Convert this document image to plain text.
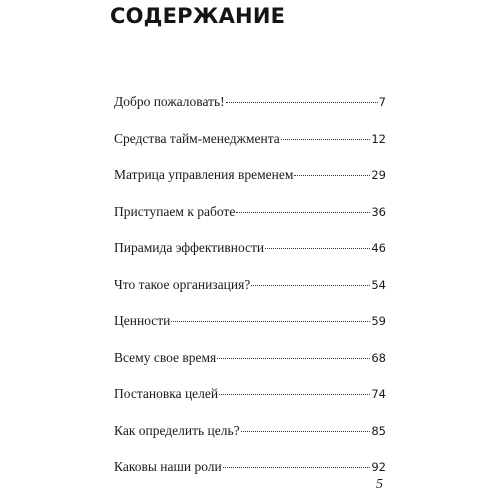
СОДЕРЖАНИЕ
Добро пожаловать!	7
Средства тайм-менеджмента	12
Матрица управления временем	29
Приступаем к работе	36
Пирамида эффективности	46
Что такое организация?	54
Ценности	59
Всему свое время	68
Постановка целей	74
Как определить цель?	85
Каковы наши роли	92
5
